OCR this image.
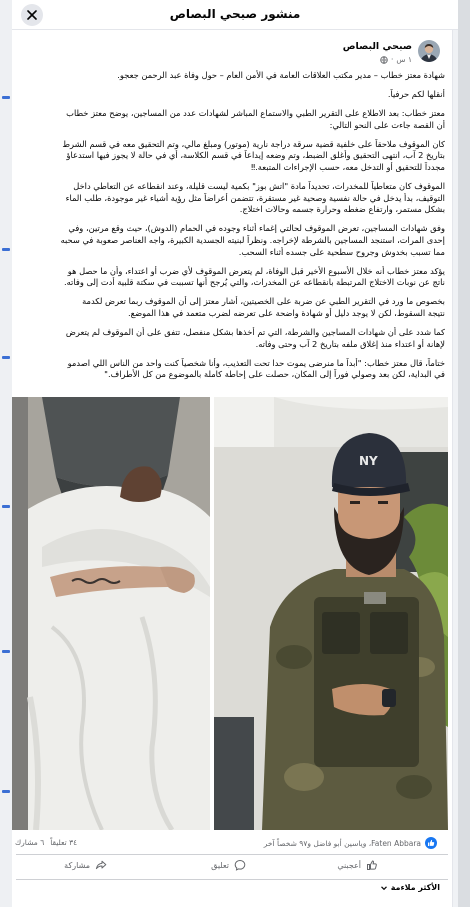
منشور صبحي البصاص
صبحي البصاص
١ س
·
شهادة معتز خطاب – مدير مكتب العلاقات العامة في الأمن العام – حول وفاة عبد الرحمن جعجو.
أنقلها لكم حرفياً.
معتز خطاب: بعد الاطلاع على التقرير الطبي والاستماع المباشر لشهادات عدد من المساجين، يوضح معتز خطاب
أن القصة جاءت على النحو التالي:
كان الموقوف ملاحقاً على خلفية قضية سرقة دراجة نارية (موتور) ومبلغ مالي، وتم التحقيق معه في قسم الشرط
بتاريخ 2 آب، انتهى التحقيق وأُغلق الضبط، وتم وضعه إيداعاً في قسم الكلاسة، أي في حالة لا يجوز فيها استدعاؤ
مجدداً للتحقيق أو التدخل معه، حسب الإجراءات المتبعة.‼
الموقوف كان متعاطياً للمخدرات، تحديداً مادة "اتش بوز" بكمية ليست قليلة، وعند انقطاعه عن التعاطي داخل
التوقيف، بدأ يدخل في حالة نفسية وصحية غير مستقرة، تتضمن أعراضاً مثل رؤية أشياء غير موجودة، طلب الماء
بشكل مستمر، وارتفاع ضغطه وحرارة جسمه وحالات اختلاج.
وفق شهادات المساجين، تعرض الموقوف لحالتي إغماء أثناء وجوده في الحمام (الدوش)، حيث وقع مرتين، وفي
إحدى المرات، استنجد المساجين بالشرطة لإخراجه. ونظراً لبنيته الجسدية الكبيرة، واجه العناصر صعوبة في سحبه
مما تسبب بخدوش وجروح سطحية على جسده أثناء السحب.
يؤكد معتز خطاب أنه خلال الأسبوع الأخير قبل الوفاة، لم يتعرض الموقوف لأي ضرب أو اعتداء، وأن ما حصل هو
ناتج عن نوبات الاختلاج المرتبطة بانقطاعه عن المخدرات، والتي يُرجح أنها تسببت في سكتة قلبية أدت إلى وفاته.
بخصوص ما ورد في التقرير الطبي عن ضربة على الخصيتين، أشار معتز إلى أن الموقوف ربما تعرض لكدمة
نتيجة السقوط، لكن لا يوجد دليل أو شهادة واضحة على تعرضه لضرب متعمد في هذا الموضع.
كما شدد على أن شهادات المساجين والشرطة، التي تم أخذها بشكل منفصل، تتفق على أن الموقوف لم يتعرض
لإهانة أو اعتداء منذ إغلاق ملفه بتاريخ 2 آب وحتى وفاته.
ختاماً، قال معتز خطاب: "أبداً ما منرضى يموت حدا تحت التعذيب، وأنا شخصياً كنت واحد من الناس اللي اصدمو
في البداية، لكن بعد وصولي فوراً إلى المكان، حصلت على إحاطة كاملة بالموضوع من كل الأطراف."
NY
Faten Abbara، وياسين أبو فاضل و٩٧ شخصاً آخر
٣٤ تعليقاً
٦ مشارك
أعجبني
تعليق
مشاركة
الأكثر ملاءمة
